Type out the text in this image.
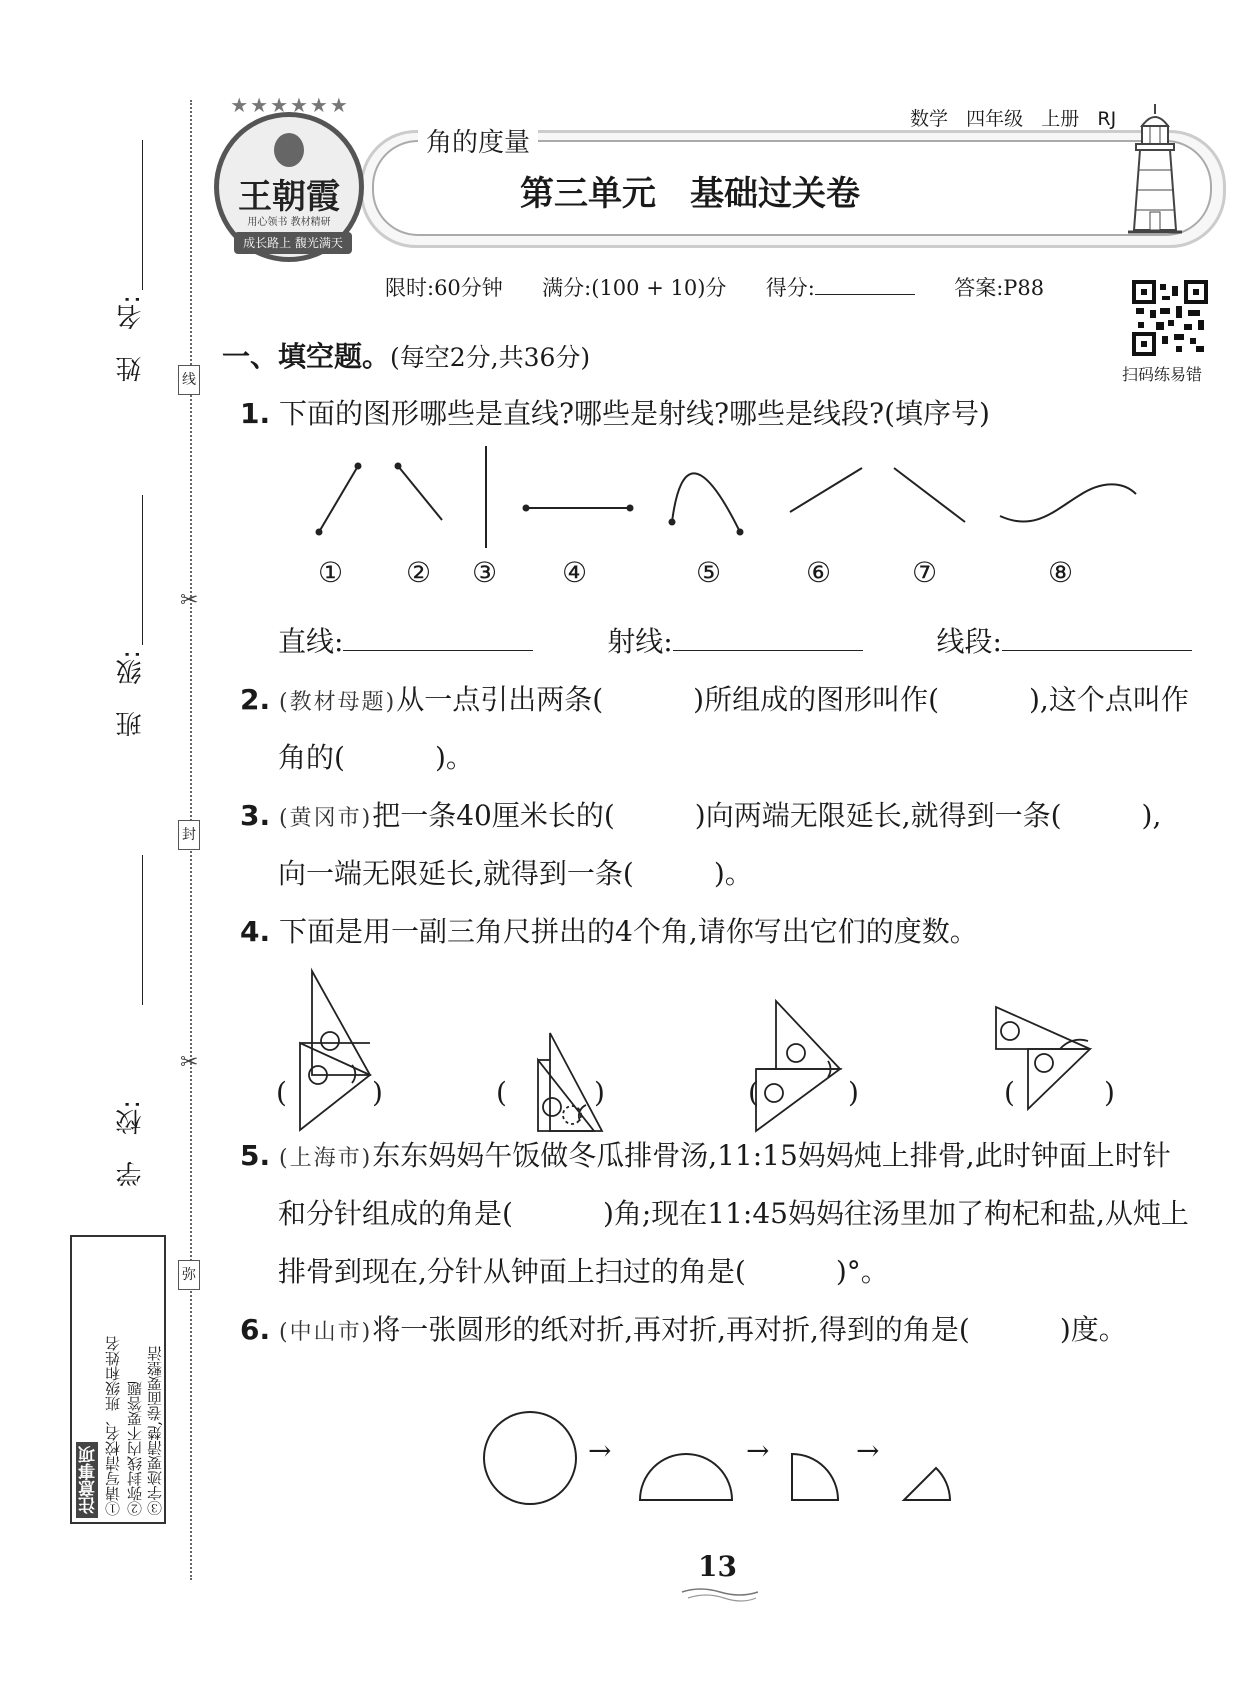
姓　名:
班　级:
学　校:
线
✂
封
✂
弥
注意事项 ①请写清校名、班级和姓名 ②弥封线内不要答题 ③字迹要清楚,卷面要整洁
★★★★★★
王朝霞
用心领书 教材精研
成长路上 馥光满天
角的度量
数学 四年级 上册 RJ
第三单元　基础过关卷
限时:60分钟 满分:(100 + 10)分 得分:	答案:P88
扫码练易错
一、填空题。(每空2分,共36分)
1. 下面的图形哪些是直线?哪些是射线?哪些是线段?(填序号)
① ② ③ ④	⑤	⑥	⑦	⑧
直线:	射线:	线段:
2. (教材母题)从一点引出两条(	)所组成的图形叫作(	),这个点叫作
角的(	)。
3. (黄冈市)把一条40厘米长的(	)向两端无限延长,就得到一条(	),
向一端无限延长,就得到一条(	)。
4. 下面是用一副三角尺拼出的4个角,请你写出它们的度数。
(	)	(	)	(	)	(	)
5. (上海市)东东妈妈午饭做冬瓜排骨汤,11:15妈妈炖上排骨,此时钟面上时针
和分针组成的角是(	)角;现在11:45妈妈往汤里加了枸杞和盐,从炖上
排骨到现在,分针从钟面上扫过的角是(	)°。
6. (中山市)将一张圆形的纸对折,再对折,再对折,得到的角是(	)度。
→	→	→
13
